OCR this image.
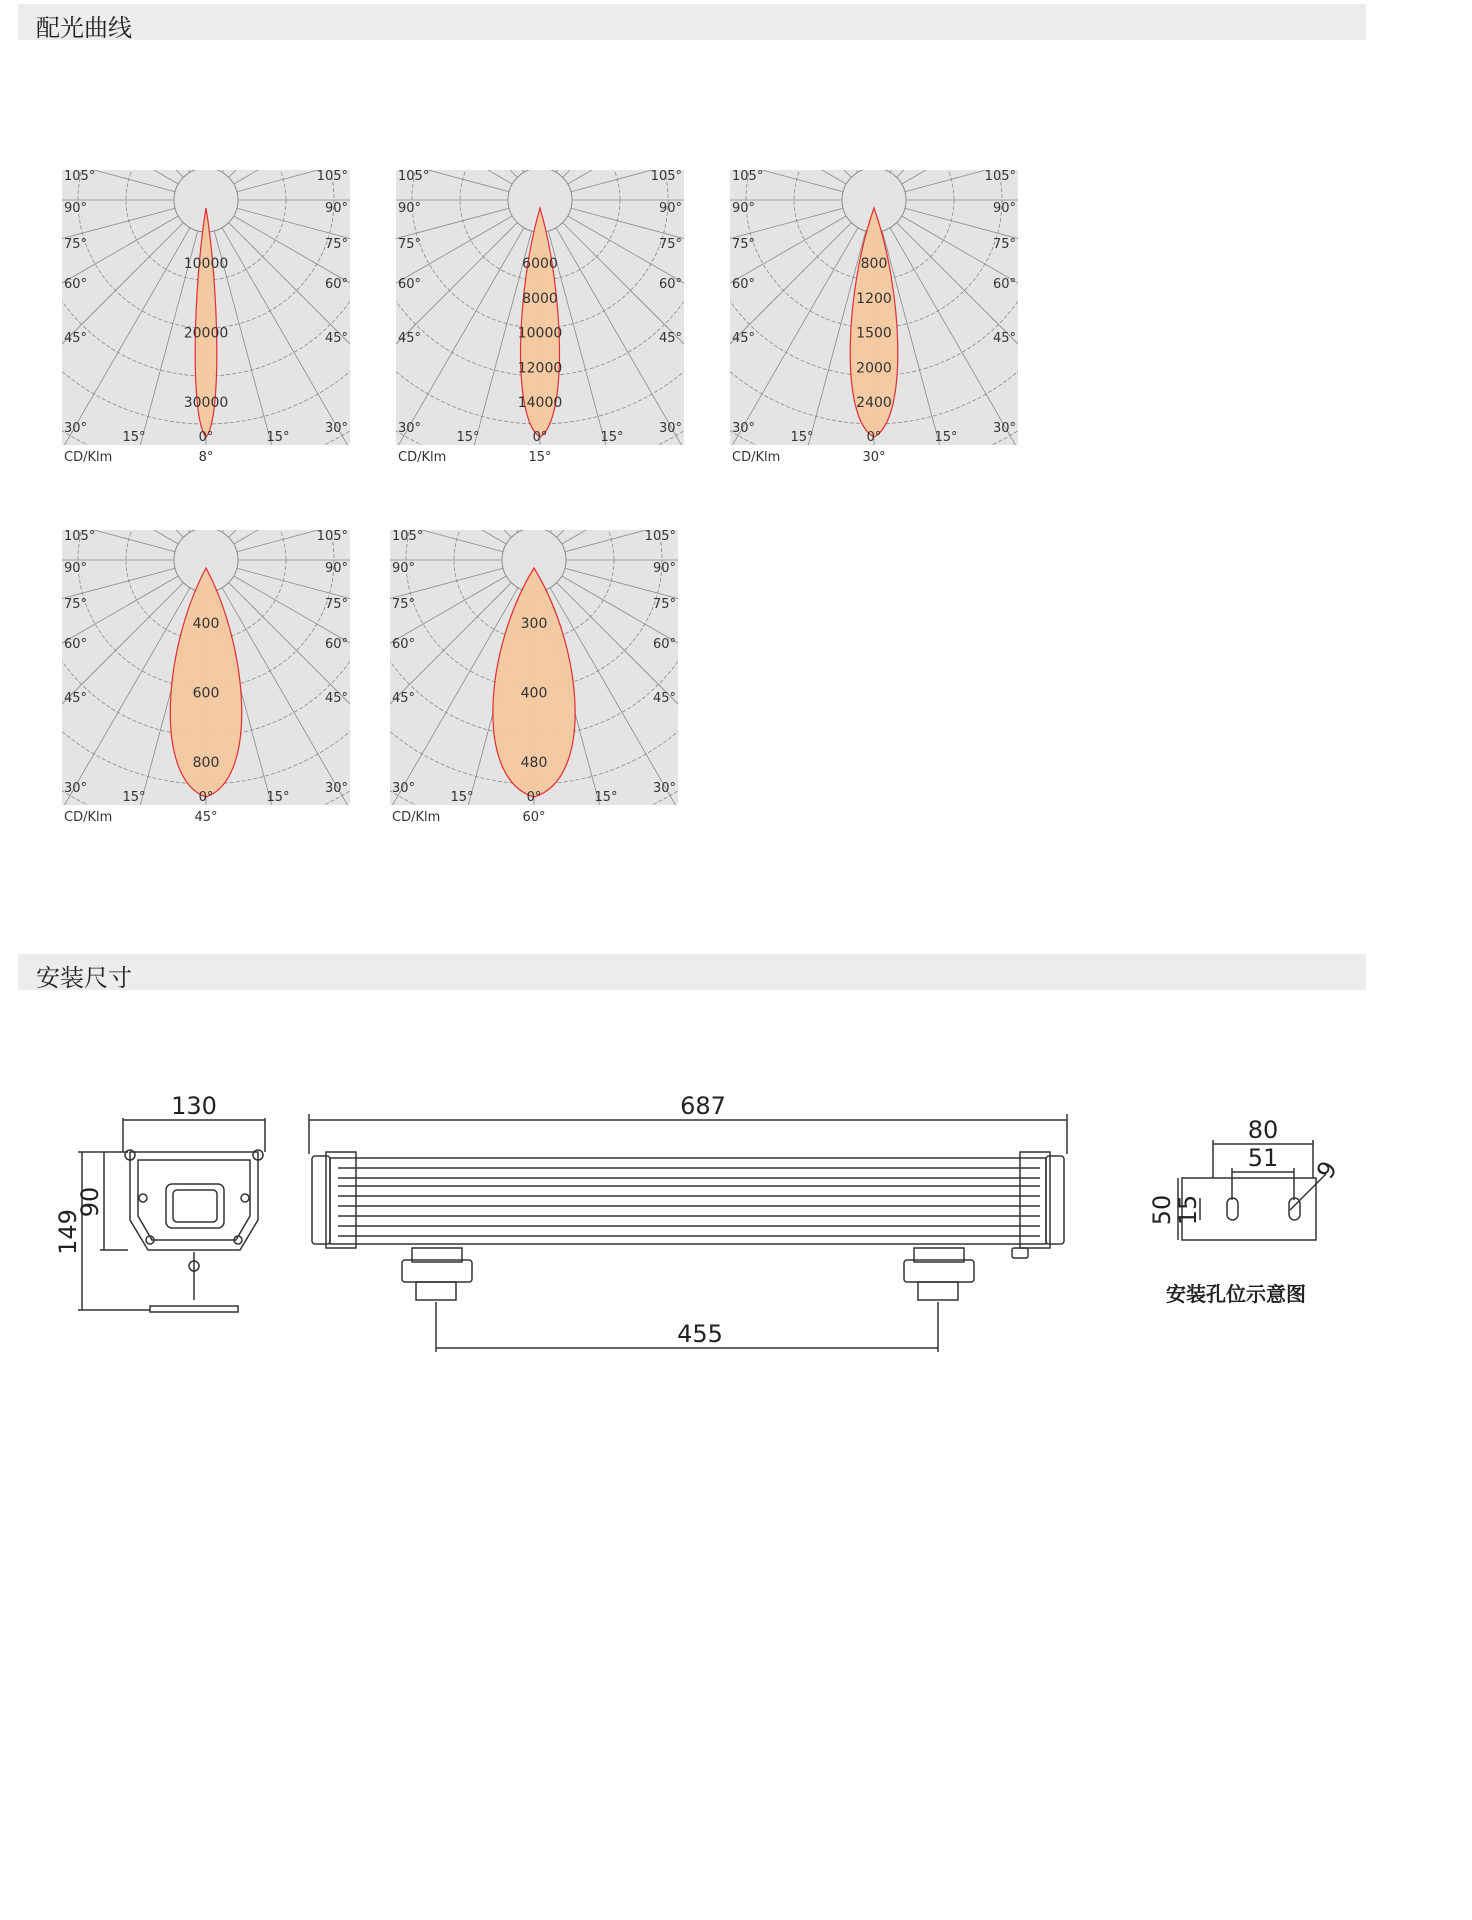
配光曲线
10000
20000
30000
105°
90°
75°
60°
45°
30°
105°
90°
75°
60°
45°
30°
15°	15°
0°
CD/Klm	8°
6000
8000
10000
12000
14000
105°
90°
75°
60°
45°
30°
105°
90°
75°
60°
45°
30°
15°	15°
0°
CD/Klm	15°
800
1200
1500
2000
2400
105°
90°
75°
60°
45°
30°
105°
90°
75°
60°
45°
30°
15°	15°
0°
CD/Klm	30°
400
600
800
105°
90°
75°
60°
45°
30°
105°
90°
75°
60°
45°
30°
15°	15°
0°
CD/Klm	45°
300
400
480
105°
90°
75°
60°
45°
30°
105°
90°
75°
60°
45°
30°
15°	15°
0°
CD/Klm	60°
安装尺寸
130
149
90
687
455
80
51 9
50
15
安装孔位示意图
